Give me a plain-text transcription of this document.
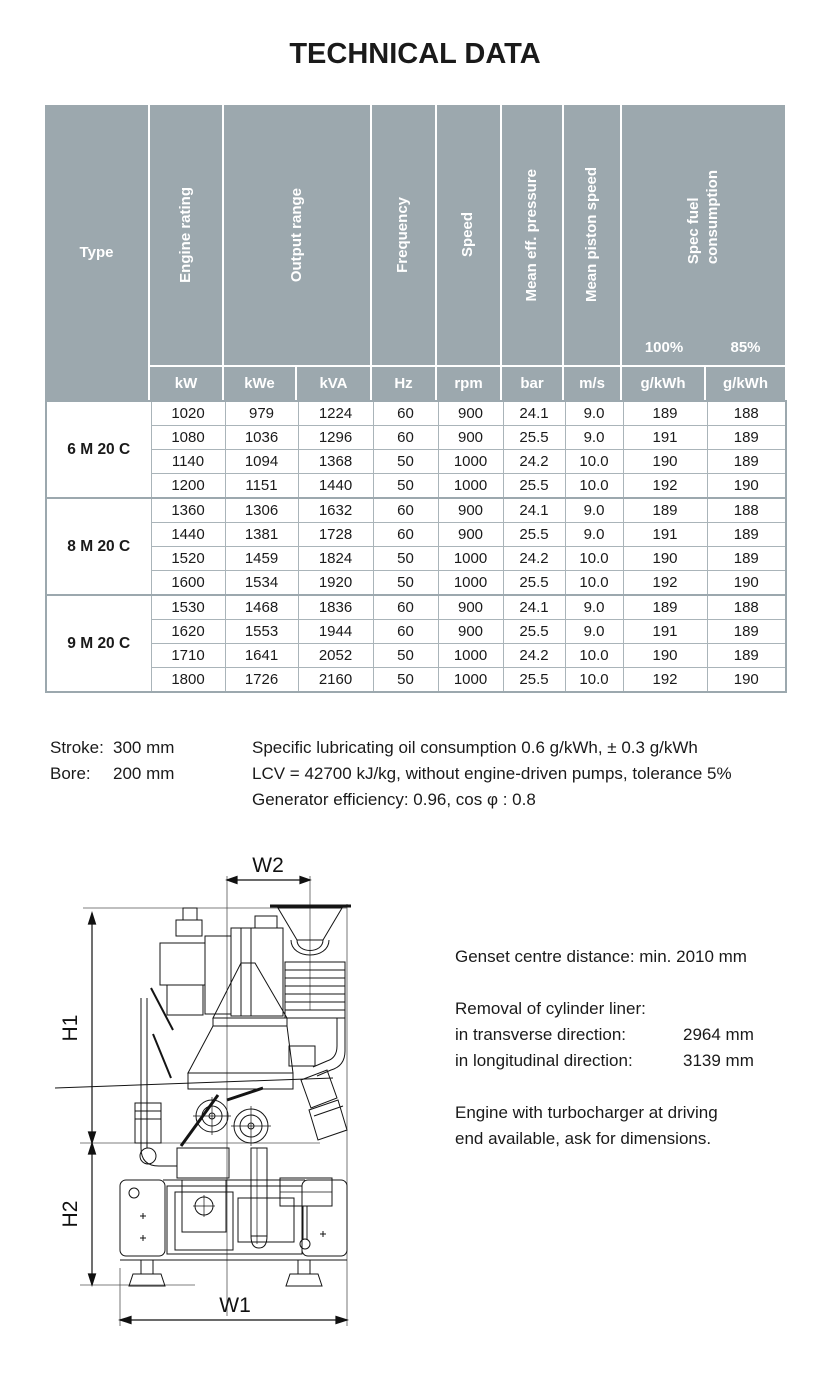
TECHNICAL DATA
Type	Engine rating	Output range	Frequency	Speed	Mean eff. pressure	Mean piston speed	Spec fuel consumption
100%	85%
kW	kWe	kVA	Hz	rpm	bar	m/s	g/kWh	g/kWh
6 M 20 C	1020	979	1224	60	900	24.1	9.0	189	188
	1080	1036	1296	60	900	25.5	9.0	191	189
	1140	1094	1368	50	1000	24.2	10.0	190	189
	1200	1151	1440	50	1000	25.5	10.0	192	190
8 M 20 C	1360	1306	1632	60	900	24.1	9.0	189	188
	1440	1381	1728	60	900	25.5	9.0	191	189
	1520	1459	1824	50	1000	24.2	10.0	190	189
	1600	1534	1920	50	1000	25.5	10.0	192	190
9 M 20 C	1530	1468	1836	60	900	24.1	9.0	189	188
	1620	1553	1944	60	900	25.5	9.0	191	189
	1710	1641	2052	50	1000	24.2	10.0	190	189
	1800	1726	2160	50	1000	25.5	10.0	192	190
Stroke: 300 mm
Bore:	200 mm
Specific lubricating oil consumption 0.6 g/kWh, ± 0.3 g/kWh
LCV = 42700 kJ/kg, without engine-driven pumps, tolerance 5%
Generator efficiency: 0.96, cos φ : 0.8
W2
H1
H2
W1
Genset centre distance: min. 2010 mm
Removal of cylinder liner:
in transverse direction:	2964 mm
in longitudinal direction:	3139 mm
Engine with turbocharger at driving
end available, ask for dimensions.
